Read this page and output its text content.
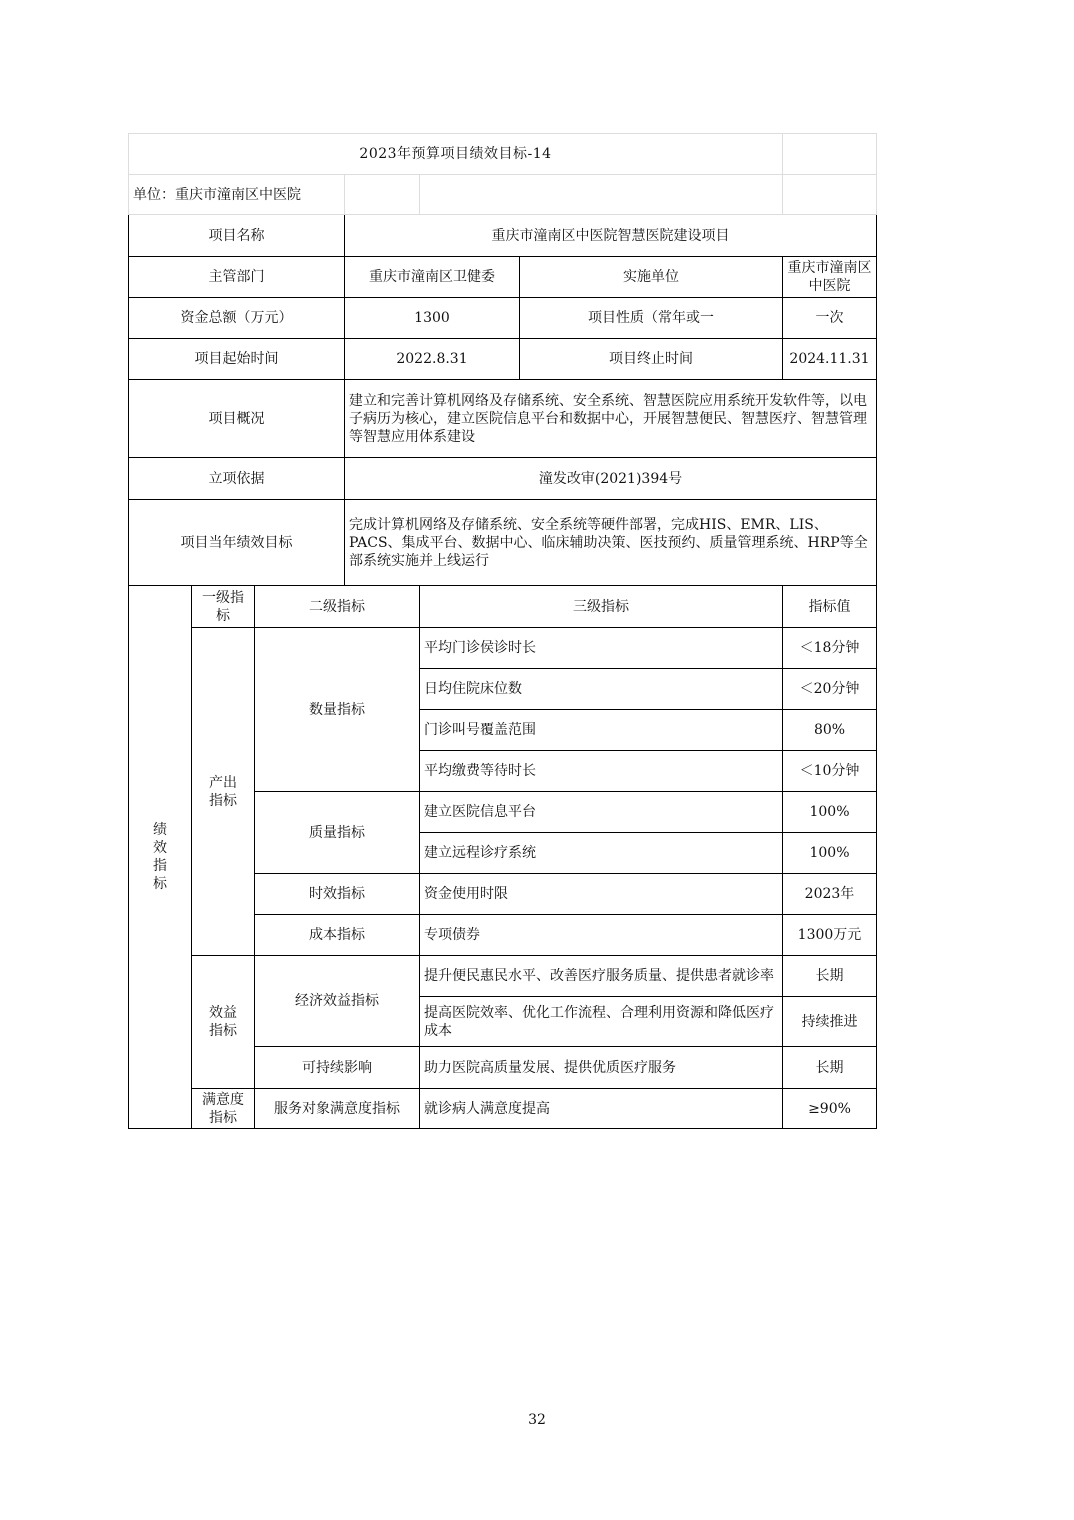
2023年预算项目绩效目标-14						
单位：重庆市潼南区中医院						
项目名称			重庆市潼南区中医院智慧医院建设项目			
主管部门			重庆市潼南区卫健委		实施单位	重庆市潼南区中医院
资金总额（万元）			1300		项目性质（常年或一	一次
项目起始时间			2022.8.31		项目终止时间	2024.11.31
项目概况			建立和完善计算机网络及存储系统、安全系统、智慧医院应用系统开发软件等，以电子病历为核心，建立医院信息平台和数据中心，开展智慧便民、智慧医疗、智慧管理等智慧应用体系建设			
立项依据			潼发改审(2021)394号			
项目当年绩效目标			完成计算机网络及存储系统、安全系统等硬件部署，完成HIS、EMR、LIS、PACS、集成平台、数据中心、临床辅助决策、医技预约、质量管理系统、HRP等全部系统实施并上线运行			

绩效指标	一级指标	二级指标		三级指标		指标值

	产出指标	数量指标		平均门诊侯诊时长		＜18分钟
				日均住院床位数		＜20分钟
				门诊叫号覆盖范围		80%
				平均缴费等待时长		＜10分钟
		质量指标		建立医院信息平台		100%
				建立远程诊疗系统		100%
		时效指标		资金使用时限		2023年
		成本指标		专项债券		1300万元

	效益指标	经济效益指标		提升便民惠民水平、改善医疗服务质量、提供患者就诊率		长期
				提高医院效率、优化工作流程、合理利用资源和降低医疗成本		持续推进
		可持续影响		助力医院高质量发展、提供优质医疗服务		长期

	满意度指标	服务对象满意度指标		就诊病人满意度提高		≥90%
32
